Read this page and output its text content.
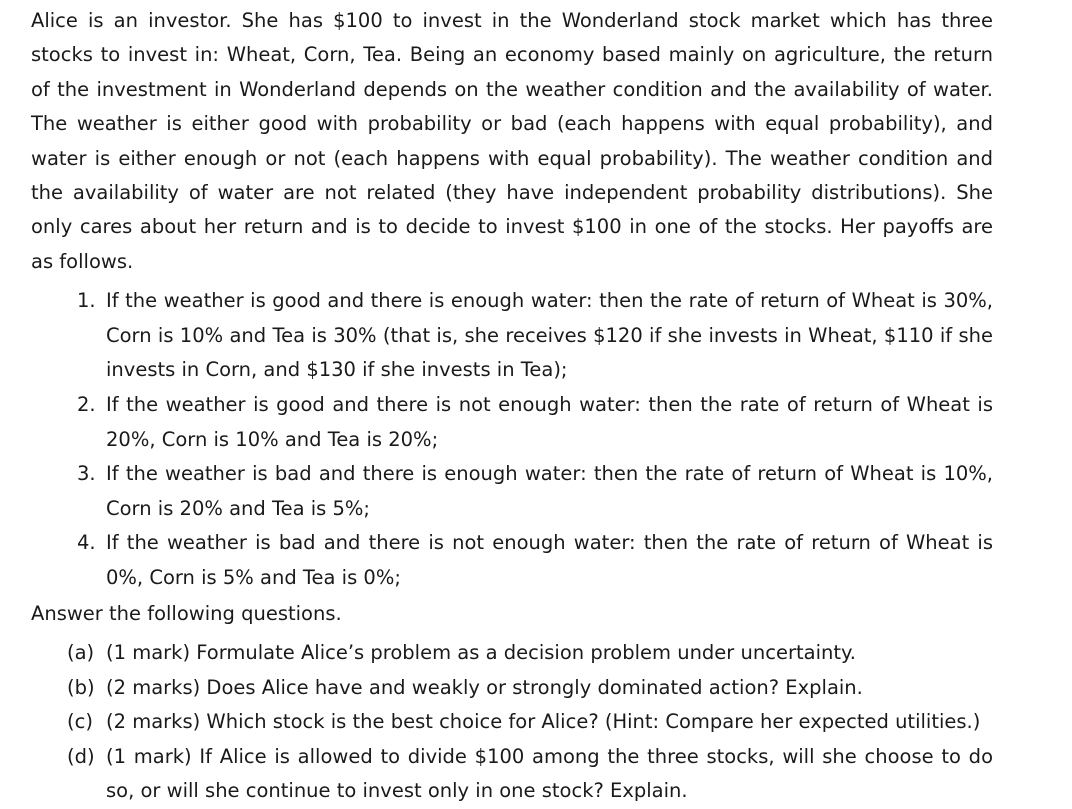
Alice is an investor. She has $100 to invest in the Wonderland stock market which has three stocks to invest in: Wheat, Corn, Tea. Being an economy based mainly on agriculture, the return of the investment in Wonderland depends on the weather condition and the availability of water. The weather is either good with probability or bad (each happens with equal probability), and water is either enough or not (each happens with equal probability). The weather condition and the availability of water are not related (they have independent probability distributions). She only cares about her return and is to decide to invest $100 in one of the stocks. Her payoffs are as follows.

1. If the weather is good and there is enough water: then the rate of return of Wheat is 30%, Corn is 10% and Tea is 30% (that is, she receives $120 if she invests in Wheat, $110 if she invests in Corn, and $130 if she invests in Tea);
2. If the weather is good and there is not enough water: then the rate of return of Wheat is 20%, Corn is 10% and Tea is 20%;
3. If the weather is bad and there is enough water: then the rate of return of Wheat is 10%, Corn is 20% and Tea is 5%;
4. If the weather is bad and there is not enough water: then the rate of return of Wheat is 0%, Corn is 5% and Tea is 0%;

Answer the following questions.

(a) (1 mark) Formulate Alice’s problem as a decision problem under uncertainty.
(b) (2 marks) Does Alice have and weakly or strongly dominated action? Explain.
(c) (2 marks) Which stock is the best choice for Alice? (Hint: Compare her expected utilities.)
(d) (1 mark) If Alice is allowed to divide $100 among the three stocks, will she choose to do so, or will she continue to invest only in one stock? Explain.
